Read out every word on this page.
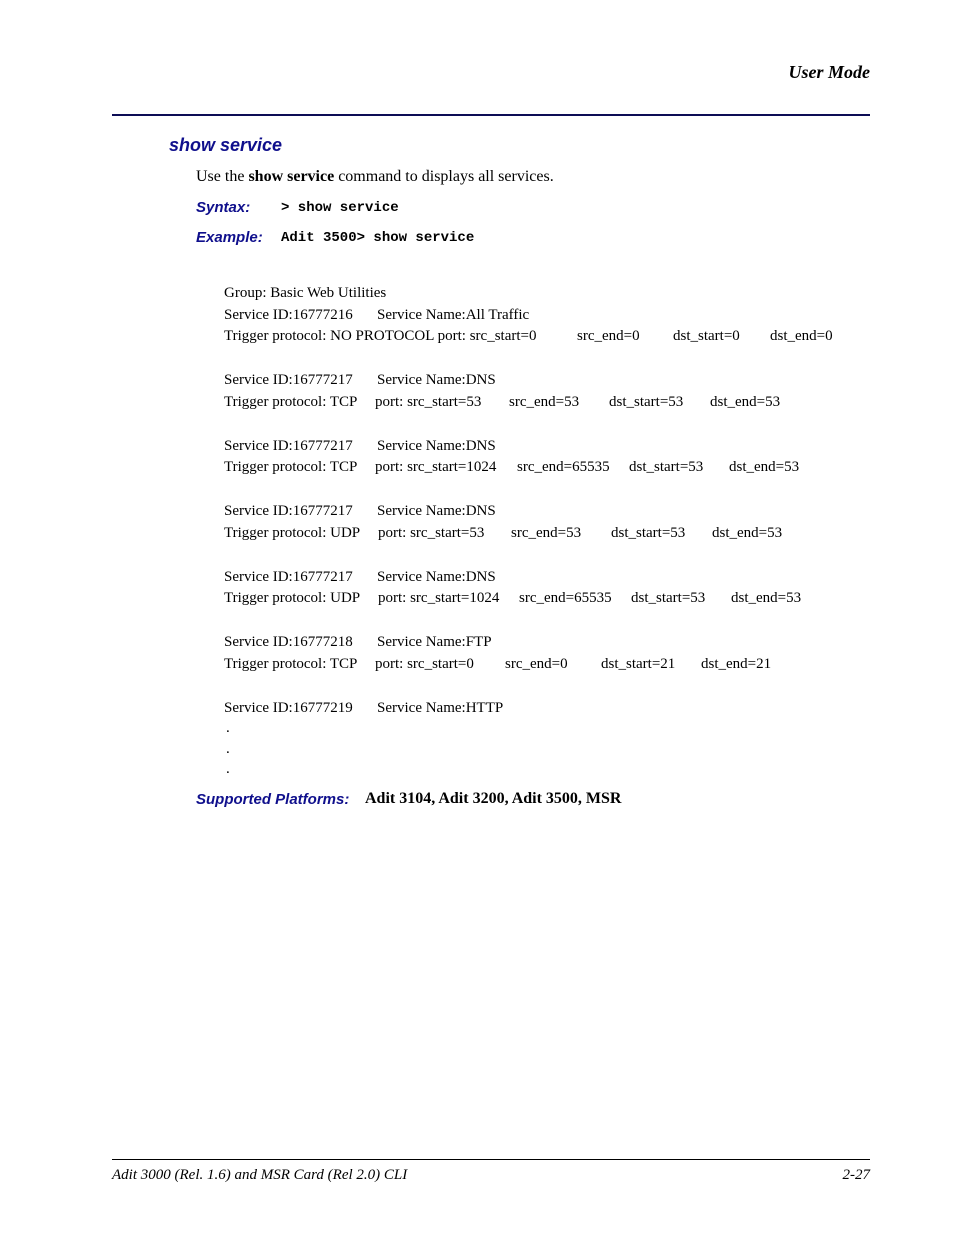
User Mode
show service
Use the show service command to displays all services.
Syntax: > show service
Example: Adit 3500> show service
Group: Basic Web Utilities
Service ID:16777216 Service Name:All Traffic
Trigger protocol: NO PROTOCOL port: src_start=0	src_end=0 dst_start=0 dst_end=0
Service ID:16777217 Service Name:DNS
Trigger protocol: TCP port: src_start=53 src_end=53 dst_start=53 dst_end=53
Service ID:16777217 Service Name:DNS
Trigger protocol: TCP port: src_start=1024 src_end=65535 dst_start=53 dst_end=53
Service ID:16777217 Service Name:DNS
Trigger protocol: UDP port: src_start=53 src_end=53 dst_start=53 dst_end=53
Service ID:16777217 Service Name:DNS
Trigger protocol: UDP port: src_start=1024 src_end=65535 dst_start=53 dst_end=53
Service ID:16777218 Service Name:FTP
Trigger protocol: TCP port: src_start=0 src_end=0 dst_start=21 dst_end=21
Service ID:16777219 Service Name:HTTP
.
.
.
Supported Platforms: Adit 3104, Adit 3200, Adit 3500, MSR
Adit 3000 (Rel. 1.6) and MSR Card (Rel 2.0) CLI	2-27
